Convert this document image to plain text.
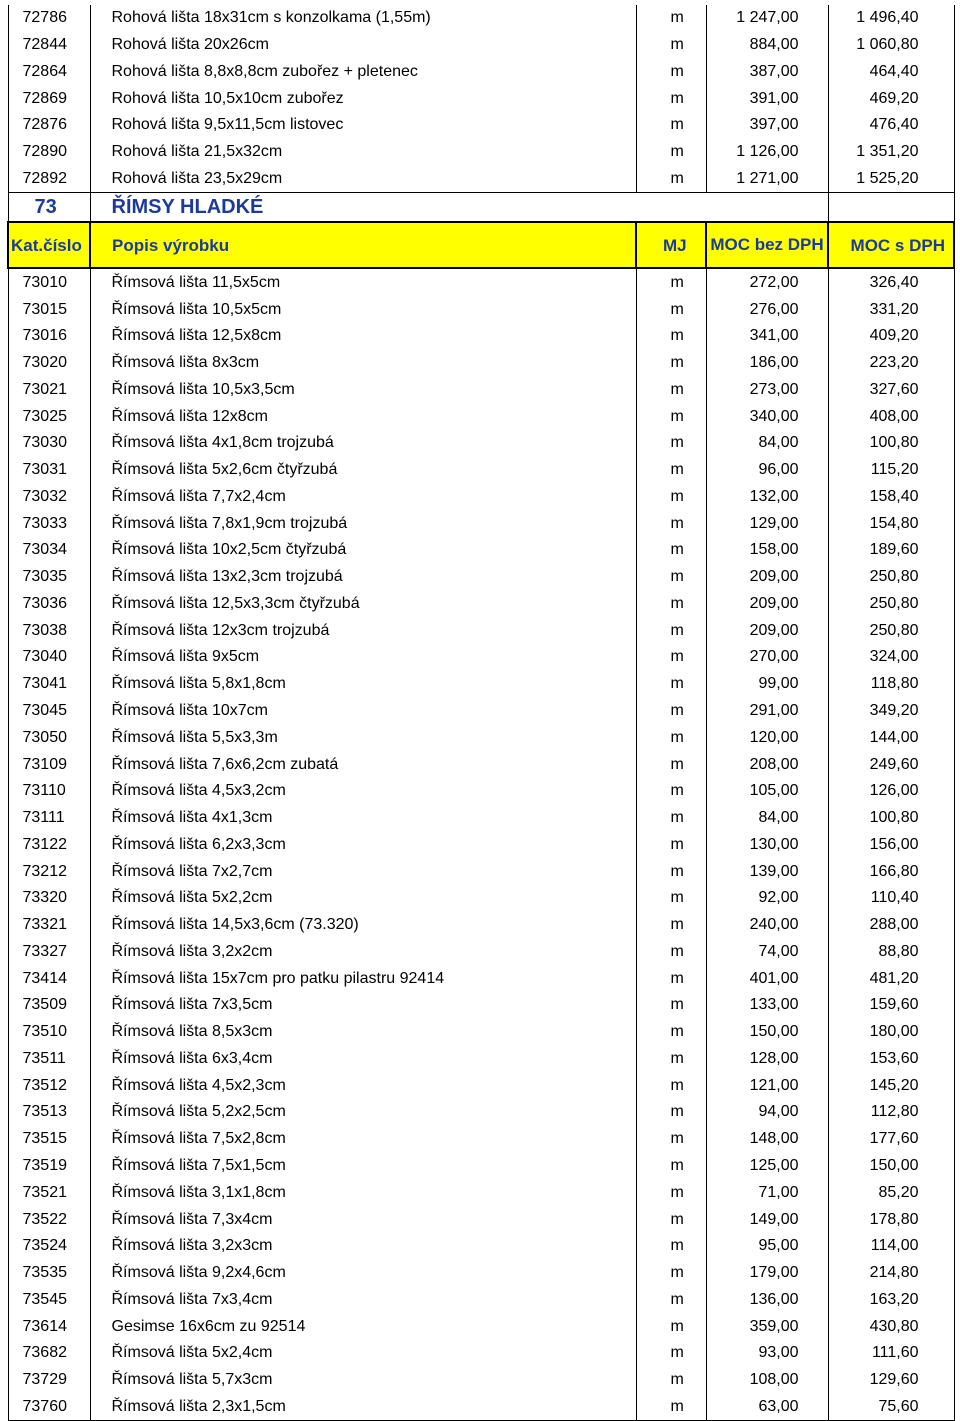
72786	Rohová lišta 18x31cm s konzolkama (1,55m)	m	1 247,00	1 496,40
72844	Rohová lišta 20x26cm	m	884,00	1 060,80
72864	Rohová lišta 8,8x8,8cm zubořez + pletenec	m	387,00	464,40
72869	Rohová lišta 10,5x10cm zubořez	m	391,00	469,20
72876	Rohová lišta 9,5x11,5cm listovec	m	397,00	476,40
72890	Rohová lišta 21,5x32cm	m	1 126,00	1 351,20
72892	Rohová lišta 23,5x29cm	m	1 271,00	1 525,20
73	ŘÍMSY HLADKÉ			
Kat.číslo	Popis výrobku	MJ	MOC bez DPH	MOC s DPH
73010	Římsová lišta 11,5x5cm	m	272,00	326,40
73015	Římsová lišta 10,5x5cm	m	276,00	331,20
73016	Římsová lišta 12,5x8cm	m	341,00	409,20
73020	Římsová lišta 8x3cm	m	186,00	223,20
73021	Římsová lišta 10,5x3,5cm	m	273,00	327,60
73025	Římsová lišta 12x8cm	m	340,00	408,00
73030	Římsová lišta 4x1,8cm trojzubá	m	84,00	100,80
73031	Římsová lišta 5x2,6cm čtyřzubá	m	96,00	115,20
73032	Římsová lišta 7,7x2,4cm	m	132,00	158,40
73033	Římsová lišta 7,8x1,9cm trojzubá	m	129,00	154,80
73034	Římsová lišta 10x2,5cm čtyřzubá	m	158,00	189,60
73035	Římsová lišta 13x2,3cm trojzubá	m	209,00	250,80
73036	Římsová lišta 12,5x3,3cm čtyřzubá	m	209,00	250,80
73038	Římsová lišta 12x3cm trojzubá	m	209,00	250,80
73040	Římsová lišta 9x5cm	m	270,00	324,00
73041	Římsová lišta 5,8x1,8cm	m	99,00	118,80
73045	Římsová lišta 10x7cm	m	291,00	349,20
73050	Římsová lišta 5,5x3,3m	m	120,00	144,00
73109	Římsová lišta 7,6x6,2cm zubatá	m	208,00	249,60
73110	Římsová lišta 4,5x3,2cm	m	105,00	126,00
73111	Římsová lišta 4x1,3cm	m	84,00	100,80
73122	Římsová lišta 6,2x3,3cm	m	130,00	156,00
73212	Římsová lišta 7x2,7cm	m	139,00	166,80
73320	Římsová lišta 5x2,2cm	m	92,00	110,40
73321	Římsová lišta 14,5x3,6cm (73.320)	m	240,00	288,00
73327	Římsová lišta 3,2x2cm	m	74,00	88,80
73414	Římsová lišta 15x7cm pro patku pilastru 92414	m	401,00	481,20
73509	Římsová lišta 7x3,5cm	m	133,00	159,60
73510	Římsová lišta 8,5x3cm	m	150,00	180,00
73511	Římsová lišta 6x3,4cm	m	128,00	153,60
73512	Římsová lišta 4,5x2,3cm	m	121,00	145,20
73513	Římsová lišta 5,2x2,5cm	m	94,00	112,80
73515	Římsová lišta 7,5x2,8cm	m	148,00	177,60
73519	Římsová lišta 7,5x1,5cm	m	125,00	150,00
73521	Římsová lišta 3,1x1,8cm	m	71,00	85,20
73522	Římsová lišta 7,3x4cm	m	149,00	178,80
73524	Římsová lišta 3,2x3cm	m	95,00	114,00
73535	Římsová lišta 9,2x4,6cm	m	179,00	214,80
73545	Římsová lišta 7x3,4cm	m	136,00	163,20
73614	Gesimse 16x6cm zu 92514	m	359,00	430,80
73682	Římsová lišta 5x2,4cm	m	93,00	111,60
73729	Římsová lišta 5,7x3cm	m	108,00	129,60
73760	Římsová lišta 2,3x1,5cm	m	63,00	75,60
